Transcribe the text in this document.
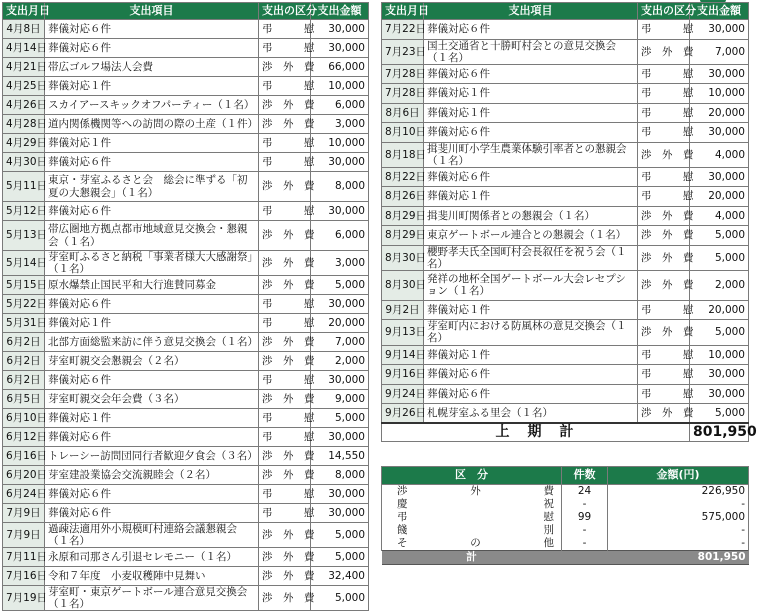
支出月日	支出項目	支出の区分	支出金額
4月8日	葬儀対応６件	弔　　　慰	30,000
4月14日	葬儀対応６件	弔　　　慰	30,000
4月21日	帯広ゴルフ場法人会費	渉　外　費	66,000
4月25日	葬儀対応１件	弔　　　慰	10,000
4月26日	スカイアースキックオフパーティー（１名）	渉　外　費	6,000
4月28日	道内関係機関等への訪問の際の土産（１件）	渉　外　費	3,000
4月29日	葬儀対応１件	弔　　　慰	10,000
4月30日	葬儀対応６件	弔　　　慰	30,000
5月11日	東京・芽室ふるさと会　総会に準ずる「初夏の大懇親会」（１名）	渉　外　費	8,000
5月12日	葬儀対応６件	弔　　　慰	30,000
5月13日	帯広圏地方拠点都市地域意見交換会・懇親会（１名）	渉　外　費	6,000
5月14日	芽室町ふるさと納税「事業者様大大感謝祭」（１名）	渉　外　費	3,000
5月15日	原水爆禁止国民平和大行進賛同募金	渉　外　費	5,000
5月22日	葬儀対応６件	弔　　　慰	30,000
5月31日	葬儀対応１件	弔　　　慰	20,000
6月2日	北部方面総監来訪に伴う意見交換会（１名）	渉　外　費	7,000
6月2日	芽室町親交会懇親会（２名）	渉　外　費	2,000
6月2日	葬儀対応６件	弔　　　慰	30,000
6月5日	芽室町親交会年会費（３名）	渉　外　費	9,000
6月10日	葬儀対応１件	弔　　　慰	5,000
6月12日	葬儀対応６件	弔　　　慰	30,000
6月16日	トレーシー訪問団同行者歓迎夕食会（３名）	渉　外　費	14,550
6月20日	芽室建設業協会交流親睦会（２名）	渉　外　費	8,000
6月24日	葬儀対応６件	弔　　　慰	30,000
7月9日	葬儀対応６件	弔　　　慰	30,000
7月9日	過疎法適用外小規模町村連絡会議懇親会（１名）	渉　外　費	5,000
7月11日	永原和司那さん引退セレモニー（１名）	渉　外　費	5,000
7月16日	令和７年度　小麦収穫陣中見舞い	渉　外　費	32,400
7月19日	芽室町・東京ゲートボール連合意見交換会（１名）	渉　外　費	5,000
支出月日	支出項目	支出の区分	支出金額
7月22日	葬儀対応６件	弔　　　慰	30,000
7月23日	国土交通省と十勝町村会との意見交換会（１名）	渉　外　費	7,000
7月28日	葬儀対応６件	弔　　　慰	30,000
7月28日	葬儀対応１件	弔　　　慰	10,000
8月6日	葬儀対応１件	弔　　　慰	20,000
8月10日	葬儀対応６件	弔　　　慰	30,000
8月18日	揖斐川町小学生農業体験引率者との懇親会（１名）	渉　外　費	4,000
8月22日	葬儀対応６件	弔　　　慰	30,000
8月26日	葬儀対応１件	弔　　　慰	20,000
8月29日	揖斐川町関係者との懇親会（１名）	渉　外　費	4,000
8月29日	東京ゲートボール連合との懇親会（１名）	渉　外　費	5,000
8月30日	櫻野孝夫氏全国町村会長叙任を祝う会（１名）	渉　外　費	5,000
8月30日	発祥の地杯全国ゲートボール大会レセプション（１名）	渉　外　費	2,000
9月2日	葬儀対応１件	弔　　　慰	20,000
9月13日	芽室町内における防風林の意見交換会（１名）	渉　外　費	5,000
9月14日	葬儀対応１件	弔　　　慰	10,000
9月16日	葬儀対応６件	弔　　　慰	30,000
9月24日	葬儀対応６件	弔　　　慰	30,000
9月26日	札幌芽室ふる里会（１名）	渉　外　費	5,000
上　期　計			801,950
区　分	件数	金額(円)

渉 外 費	24	226,950

慶 祝	-	-

弔 慰	99	575,000

餞 別	-	-

そ の 他	-	-
計		801,950
